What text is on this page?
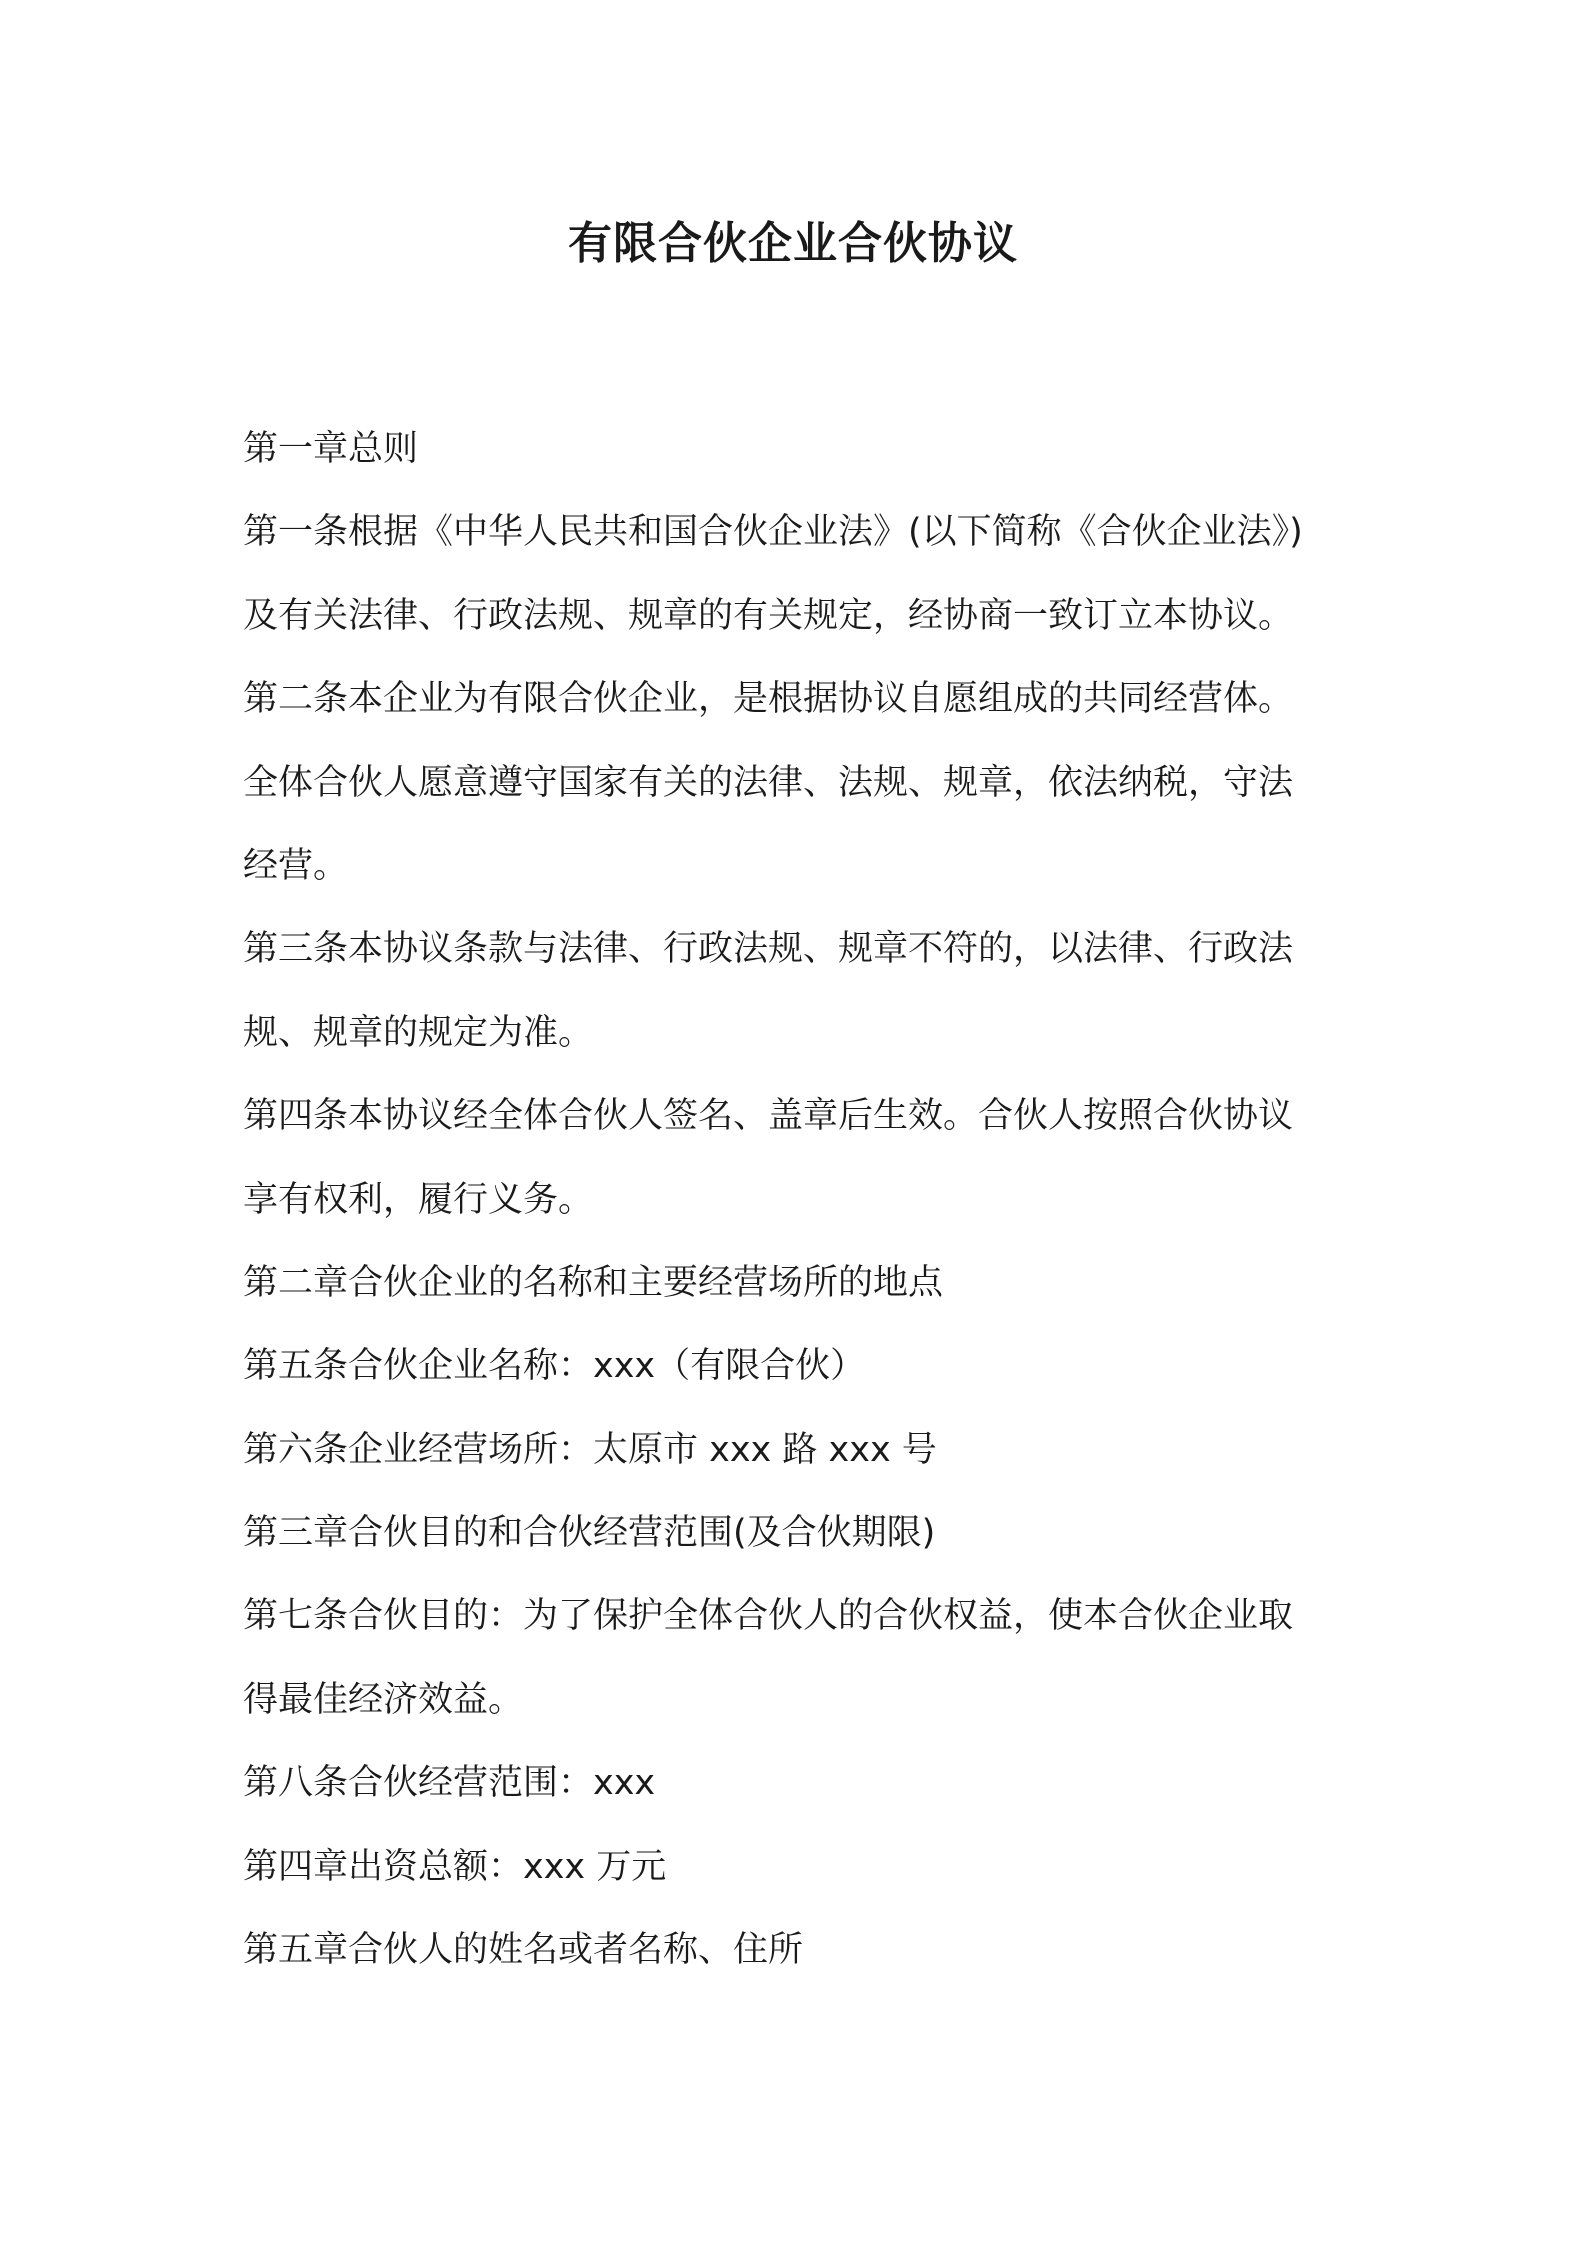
有限合伙企业合伙协议
第一章总则
第一条根据《中华人民共和国合伙企业法》(以下简称《合伙企业法》)
及有关法律、行政法规、规章的有关规定，经协商一致订立本协议。
第二条本企业为有限合伙企业，是根据协议自愿组成的共同经营体。
全体合伙人愿意遵守国家有关的法律、法规、规章，依法纳税，守法
经营。
第三条本协议条款与法律、行政法规、规章不符的，以法律、行政法
规、规章的规定为准。
第四条本协议经全体合伙人签名、盖章后生效。合伙人按照合伙协议
享有权利，履行义务。
第二章合伙企业的名称和主要经营场所的地点
第五条合伙企业名称：xxx（有限合伙）
第六条企业经营场所：太原市 xxx 路 xxx 号
第三章合伙目的和合伙经营范围(及合伙期限)
第七条合伙目的：为了保护全体合伙人的合伙权益，使本合伙企业取
得最佳经济效益。
第八条合伙经营范围：xxx
第四章出资总额：xxx 万元
第五章合伙人的姓名或者名称、住所
